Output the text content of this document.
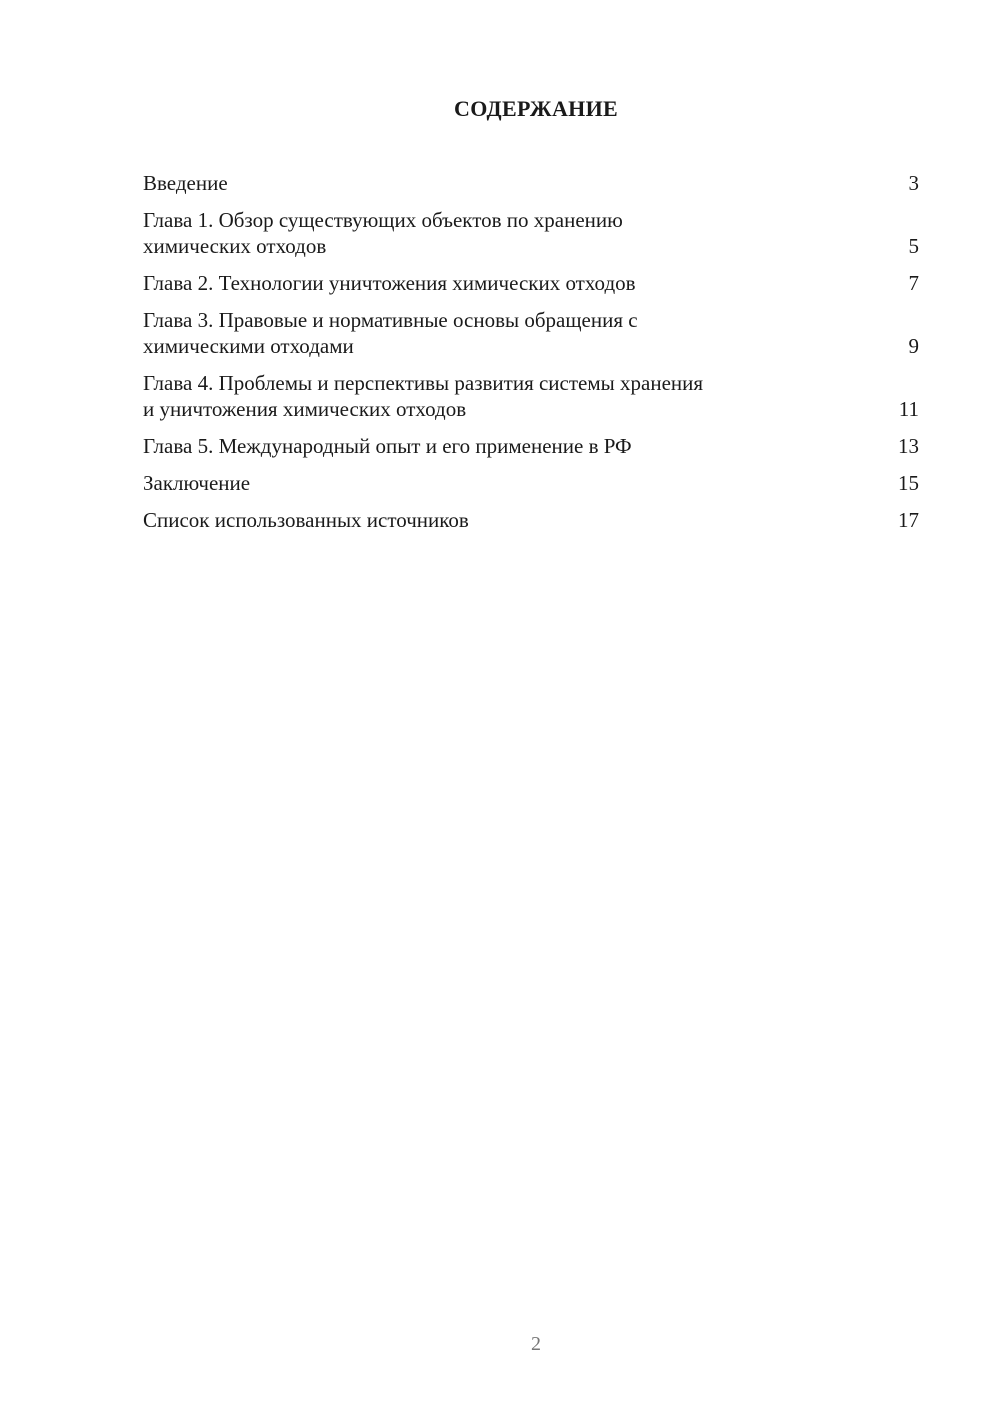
СОДЕРЖАНИЕ
Введение	3
Глава 1. Обзор существующих объектов по хранению
химических отходов	5
Глава 2. Технологии уничтожения химических отходов	7
Глава 3. Правовые и нормативные основы обращения с
химическими отходами	9
Глава 4. Проблемы и перспективы развития системы хранения
и уничтожения химических отходов	11
Глава 5. Международный опыт и его применение в РФ	13
Заключение	15
Список использованных источников	17
2
